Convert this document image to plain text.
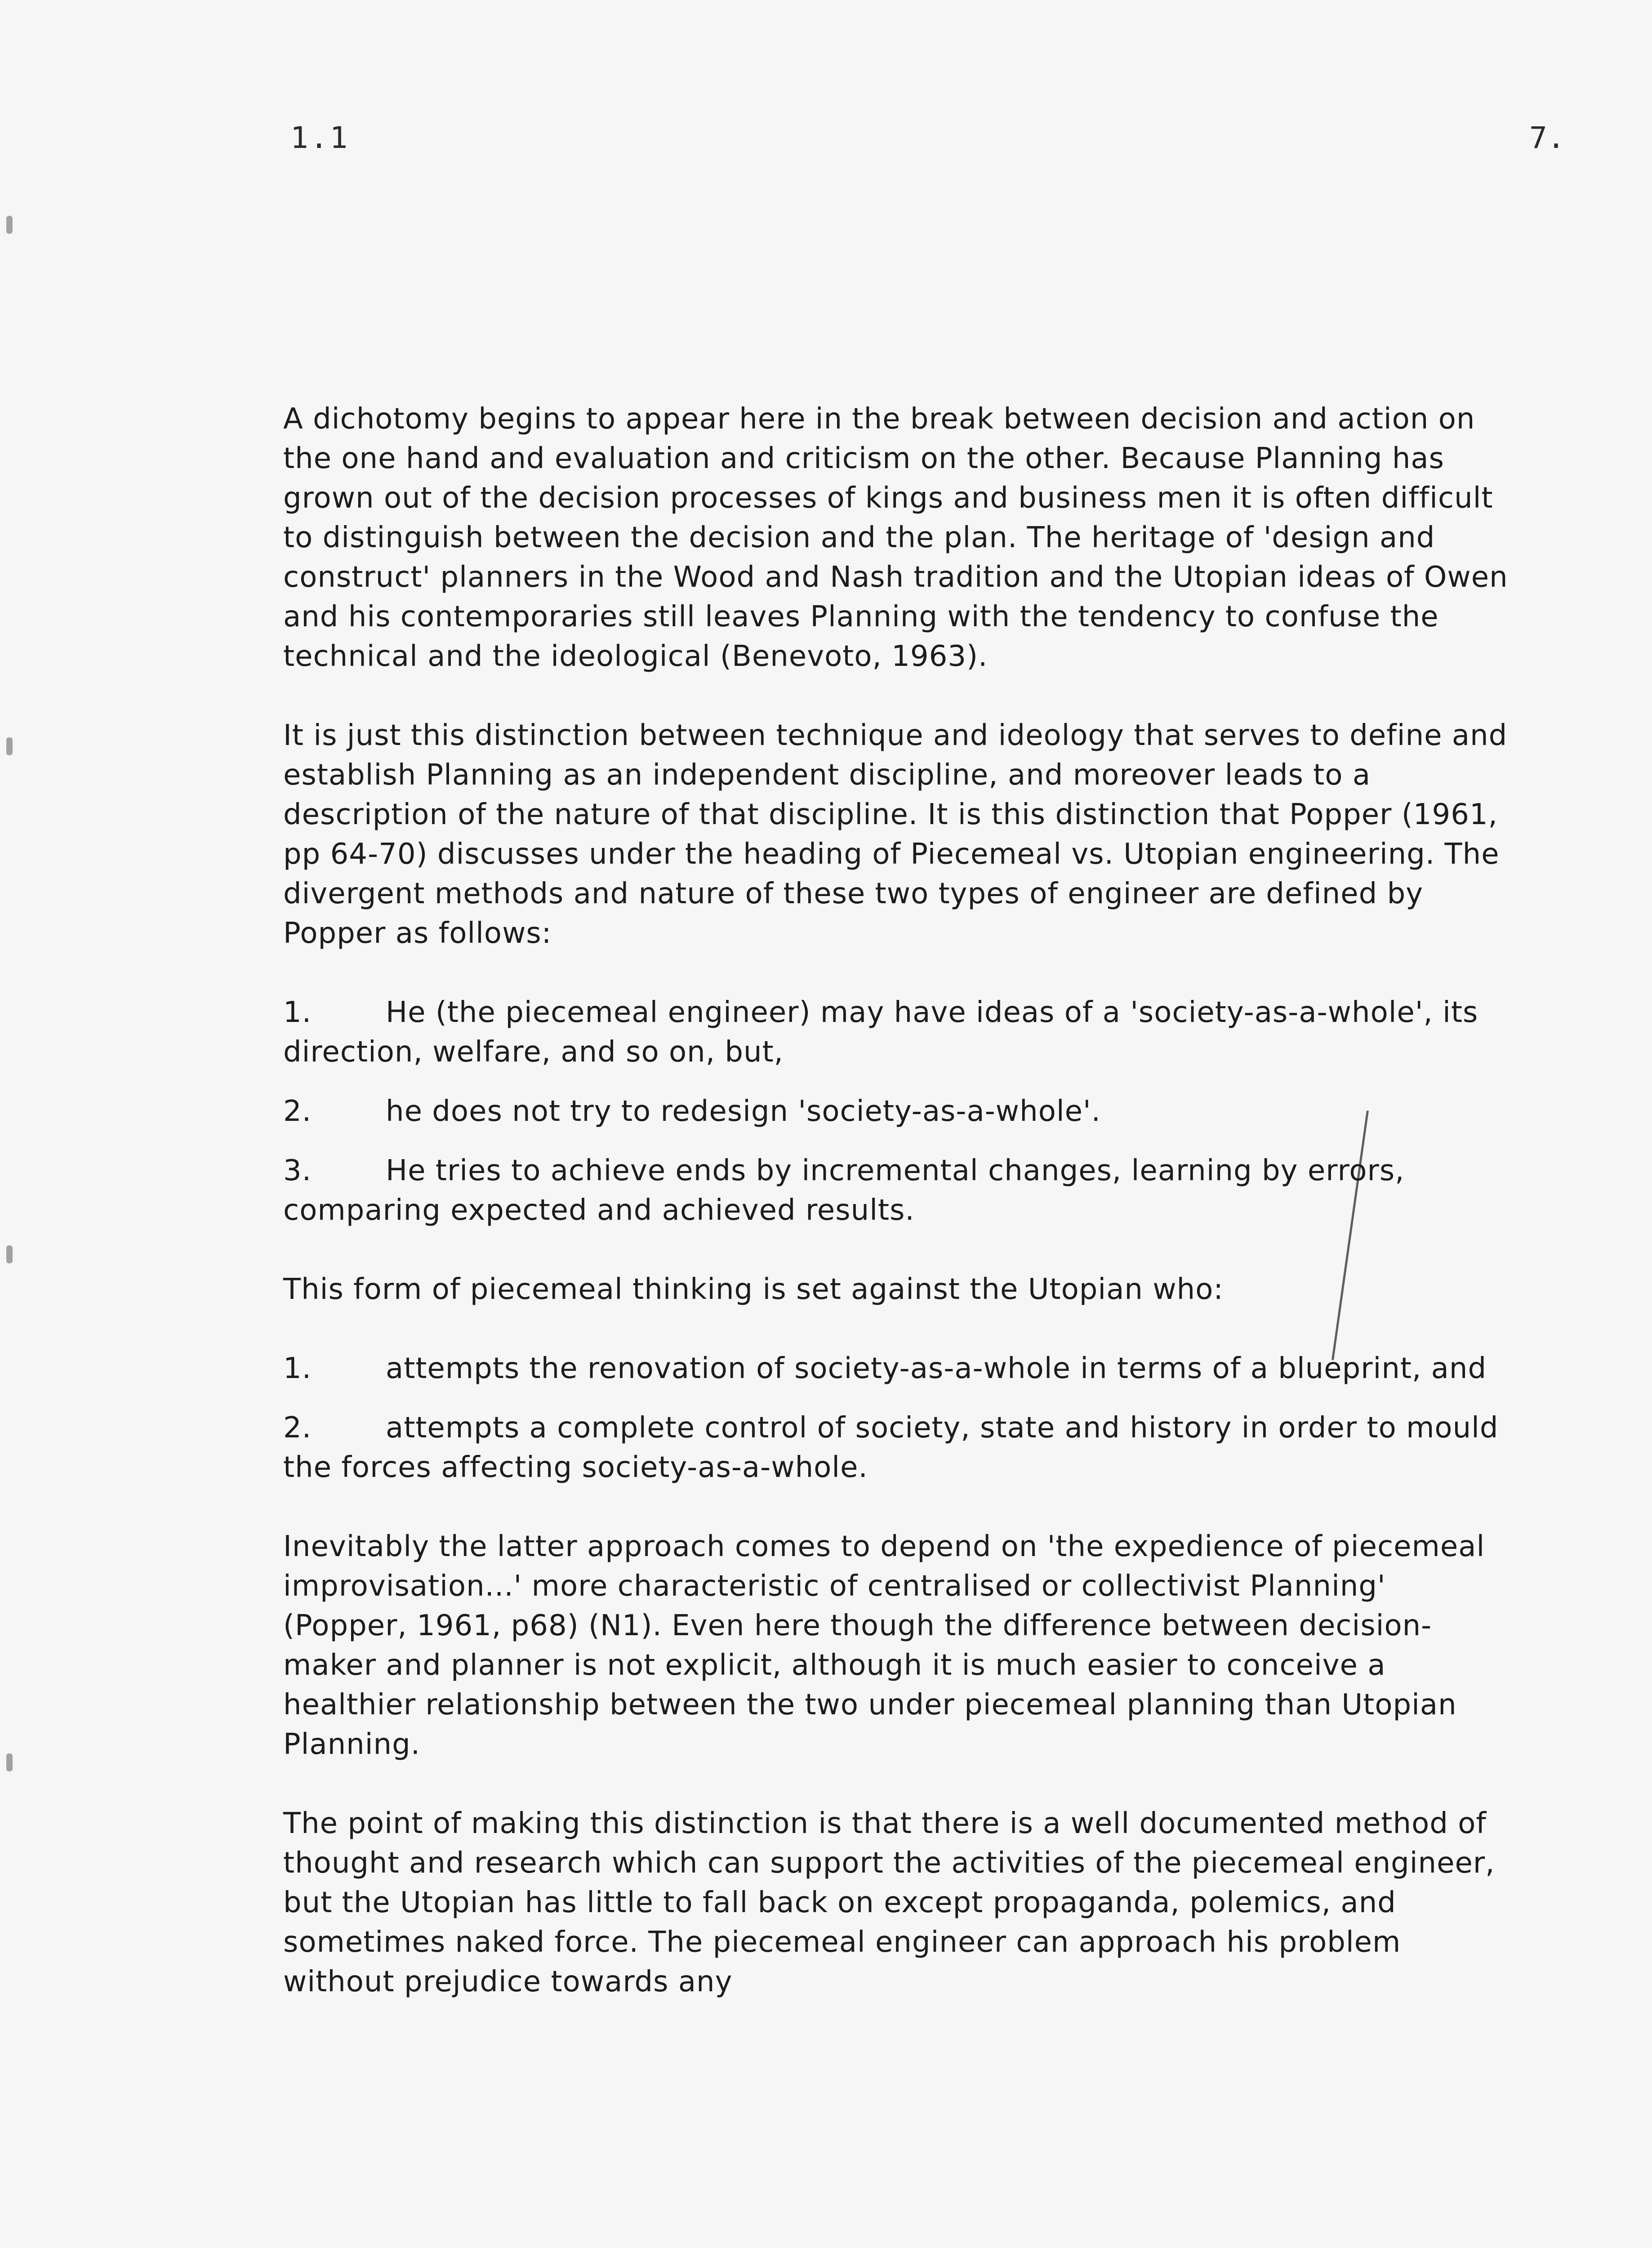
1.1	7.

A dichotomy begins to appear here in the break between decision and action on the one hand and evaluation and criticism on the other. Because Planning has grown out of the decision processes of kings and business men it is often difficult to distinguish between the decision and the plan. The heritage of 'design and construct' planners in the Wood and Nash tradition and the Utopian ideas of Owen and his contemporaries still leaves Planning with the tendency to confuse the technical and the ideological (Benevoto, 1963).

It is just this distinction between technique and ideology that serves to define and establish Planning as an independent discipline, and moreover leads to a description of the nature of that discipline. It is this distinction that Popper (1961, pp 64-70) discusses under the heading of Piecemeal vs. Utopian engineering. The divergent methods and nature of these two types of engineer are defined by Popper as follows:

1.	He (the piecemeal engineer) may have ideas of a 'society-as-a-whole', its direction, welfare, and so on, but,
2.	he does not try to redesign 'society-as-a-whole'.
3.	He tries to achieve ends by incremental changes, learning by errors, comparing expected and achieved results.

This form of piecemeal thinking is set against the Utopian who:

1.	attempts the renovation of society-as-a-whole in terms of a blueprint, and
2.	attempts a complete control of society, state and history in order to mould the forces affecting society-as-a-whole.

Inevitably the latter approach comes to depend on 'the expedience of piecemeal improvisation...' more characteristic of centralised or collectivist Planning' (Popper, 1961, p68) (N1). Even here though the difference between decision-maker and planner is not explicit, although it is much easier to conceive a healthier relationship between the two under piecemeal planning than Utopian Planning.

The point of making this distinction is that there is a well documented method of thought and research which can support the activities of the piecemeal engineer, but the Utopian has little to fall back on except propaganda, polemics, and sometimes naked force. The piecemeal engineer can approach his problem without prejudice towards any
